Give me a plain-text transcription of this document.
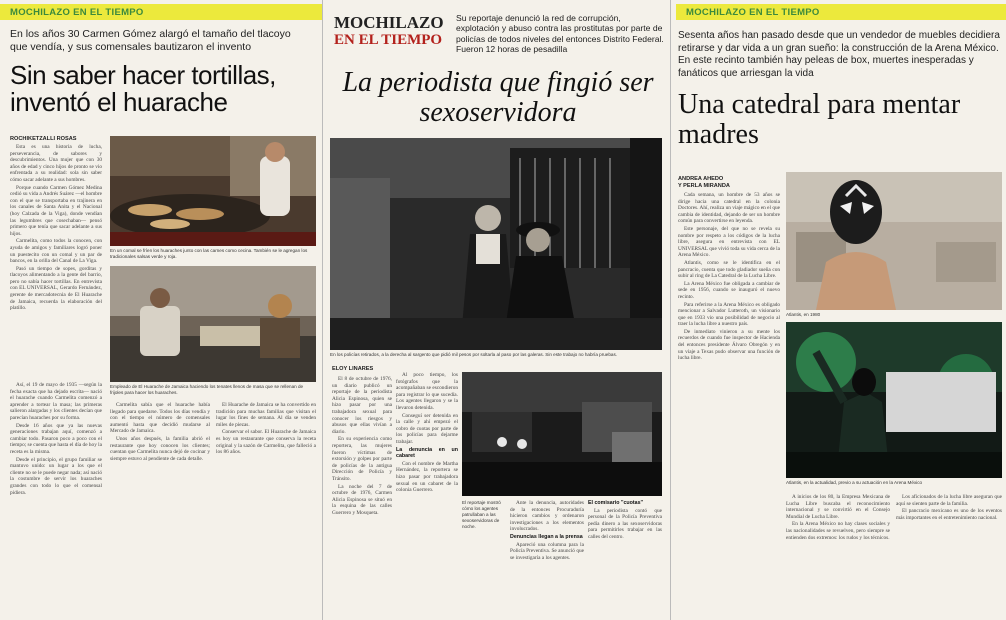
MOCHILAZO EN EL TIEMPO
En los años 30 Carmen Gómez alargó el tamaño del tlacoyo que vendía, y sus comensales bautizaron el invento
Sin saber hacer tortillas, inventó el huarache
ROCHIKETZALLI ROSAS

Esta es una historia de lucha, perseverancia, de sabores y descubrimientos. Una mujer que con 30 años de edad y cinco hijos de pronto se vio enfrentada a su realidad: sola sin saber cómo sacar adelante a sus hombres.

Porque cuando Carmen Gómez Medina cedió su vida a Andrés Suárez —el hombre con el que se transportaba en trajinera en los canales de Santa Anita y el Nacional (hoy Calzada de la Viga), donde vendían las legumbres que cosechaban— pensó primero que tenía que sacar adelante a sus hijos.

Carmelita, como todos la conocen, con ayuda de amigos y familiares logró poner un puestecito con un comal y un par de bancos, en la orilla del Canal de La Viga.

Pasó un tiempo de sopes, gorditas y tlacoyos alimentando a la gente del barrio, pero no sabía hacer tortillas. En entrevista con EL UNIVERSAL, Gerardo Fernández, gerente de mercadotecnia de El Huarache de Jamaica, recuerda la elaboración del platillo.

Así, el 19 de mayo de 1935 —según la fecha exacta que ha dejado escrita— nació el huarache cuando Carmelita comenzó a aprender a tortear la masa; las primeras salieron alargadas y los clientes decían que parecían huaraches por su forma.

Desde 16 años que ya las nuevas generaciones trabajan aquí, comenzó a cambiar todo. Pasaron poco a poco con el tiempo; se cuenta que hasta el día de hoy la receta es la misma.

Desde el principio, el grupo familiar se mantuvo unido: un lugar a los que el cliente no se le puede negar nada; así nació la costumbre de servir los huaraches grandes con todo lo que el comensal pidiera.

En un comal se fríen los huaraches junto con las carnes como cecina. También se le agregan los tradicionales salsas verde y roja.
Empleado de El Huarache de Jamaica haciendo los tenates llenos de masa que se rellenan de frijoles para hacer los huaraches.

Carmelita sabía que el huarache había llegado para quedarse. Todos los días vendía y con el tiempo el número de comensales aumentó hasta que decidió mudarse al Mercado de Jamaica.

Unos años después, la familia abrió el restaurante que hoy conocen los clientes; cuentan que Carmelita nunca dejó de cocinar y siempre estuvo al pendiente de cada detalle.

El Huarache de Jamaica se ha convertido en tradición para muchas familias que visitan el lugar los fines de semana. Al día se venden miles de piezas.

Conservar el sabor. El Huarache de Jamaica es hoy un restaurante que conserva la receta original y la sazón de Carmelita, que falleció a los 86 años.

MOCHILAZO
EN EL TIEMPO
Su reportaje denunció la red de corrupción, explotación y abuso contra las prostitutas por parte de policías de todos niveles del entonces Distrito Federal. Fueron 12 horas de pesadilla
La periodista que fingió ser sexoservidora
En los policías retirados, a la derecha al sargento que pidió mil pesos por soltarla al paso por las galeras. Sin este trabajo no habría pruebas.
ELOY LINARES

El 8 de octubre de 1976, un diario publicó un reportaje de la periodista Alicia Espinosa, quien se hizo pasar por una trabajadora sexual para conocer los riesgos y abusos que ellas vivían a diario.

En su experiencia como reportera, las mujeres fueron víctimas de extorsión y golpes por parte de policías de la antigua Dirección de Policía y Tránsito.

La noche del 7 de octubre de 1976, Carmen Alicia Espinosa se situó en la esquina de las calles Guerrero y Mosqueta.

Al poco tiempo, los fotógrafos que la acompañaban se escondieron para registrar lo que sucedía. Los agentes llegaron y se la llevaron detenida.

Conseguí ser detenida en la calle y ahí empezó el cobro de cuotas por parte de los policías para dejarme trabajar.

La denuncia en un cabaret

Con el nombre de Martha Hernández, la reportera se hizo pasar por trabajadora sexual en un cabaret de la colonia Guerrero.

El reportaje mostró cómo los agentes patrullaban a las sexoservidoras de noche.

Ante la denuncia, autoridades de la entonces Procuraduría hicieron cambios y ordenaron investigaciones a los elementos involucrados.

Denuncias llegan a la prensa

Apareció una columna para la Policía Preventiva. Se anunció que se investigaría a los agentes.

El comisario "cuotas"

La periodista contó que personal de la Policía Preventiva pedía dinero a las sexoservidoras para permitirles trabajar en las calles del centro.

MOCHILAZO EN EL TIEMPO
Sesenta años han pasado desde que un vendedor de muebles decidiera retirarse y dar vida a un gran sueño: la construcción de la Arena México. En este recinto también hay peleas de box, muertes inesperadas y fanáticos que arriesgan la vida
Una catedral para mentar madres
ANDREA AHEDO
Y PERLA MIRANDA

Cada semana, un hombre de 53 años se dirige hacia una catedral en la colonia Doctores. Ahí, realiza un viaje mágico en el que cambia de identidad, dejando de ser un hombre común para convertirse en leyenda.

Este personaje, del que no se revela su nombre por respeto a los códigos de la lucha libre, asegura en entrevista con EL UNIVERSAL que vivió toda su vida cerca de la Arena México.

Atlantis, como se le identifica en el pancracio, cuenta que todo gladiador sueña con subir al ring de La Catedral de la Lucha Libre.

La Arena México fue obligada a cambiar de sede en 1956, cuando se inauguró el nuevo recinto.

Para referirse a la Arena México es obligado mencionar a Salvador Lutteroth, un visionario que en 1933 vio una posibilidad de negocio al traer la lucha libre a nuestro país.

De inmediato vinieron a su mente los recuerdos de cuando fue inspector de Hacienda del entonces presidente Álvaro Obregón y en un viaje a Texas pudo observar una función de lucha libre.

Atlantis, en 1980
Atlantis, en la actualidad, previo a su actuación en la Arena México

A inicios de los 80, la Empresa Mexicana de Lucha Libre buscaba el reconocimiento internacional y se convirtió en el Consejo Mundial de Lucha Libre.

En la Arena México no hay clases sociales y las nacionalidades se revuelven, pero siempre se entienden dos extremos: los rudos y los técnicos.

Los aficionados de la lucha libre aseguran que aquí se sienten parte de la familia.

El pancracio mexicano es uno de los eventos más importantes en el entretenimiento nacional.
